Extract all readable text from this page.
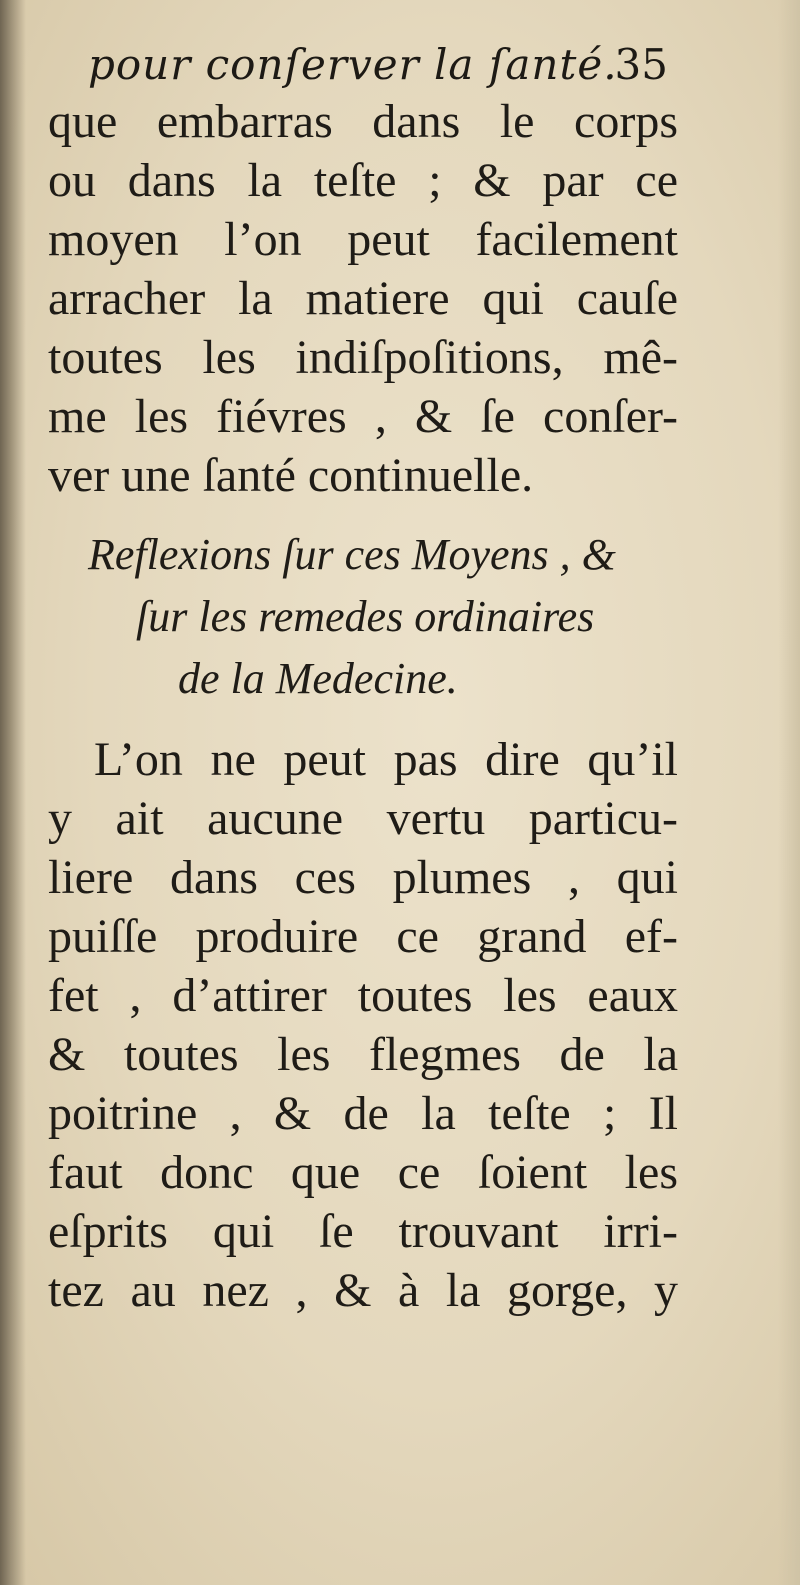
pour conſerver la ſanté.
35
que embarras dans le corps
ou dans la teſte ; & par ce
moyen l’on peut facilement
arracher la matiere qui cauſe
toutes les indiſpoſitions, mê-
me les fiévres , & ſe conſer-
ver une ſanté continuelle.
Reflexions ſur ces Moyens , &
ſur les remedes ordinaires
de la Medecine.
L’on ne peut pas dire qu’il
y ait aucune vertu particu-
liere dans ces plumes , qui
puiſſe produire ce grand ef-
fet , d’attirer toutes les eaux
& toutes les flegmes de la
poitrine , & de la teſte ; Il
faut donc que ce ſoient les
eſprits qui ſe trouvant irri-
tez au nez , & à la gorge, y
